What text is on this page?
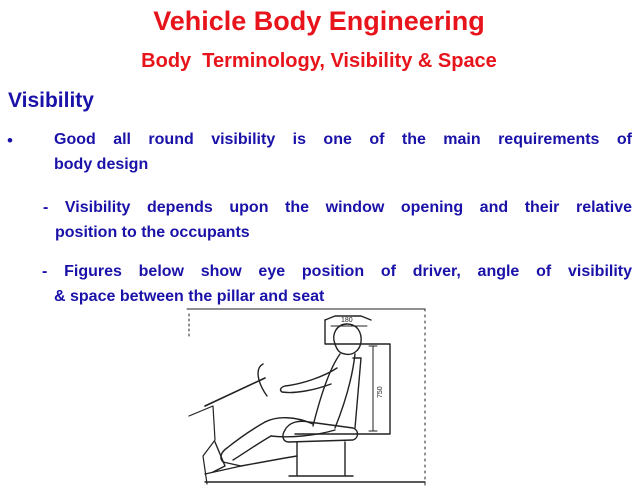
Vehicle Body Engineering
Body  Terminology, Visibility & Space
Visibility
•	Good all round visibility is one of the main requirements of
body design
- Visibility depends upon the window opening and their relative
position to the occupants
- Figures below show eye position of driver, angle of visibility
& space between the pillar and seat
180
750
